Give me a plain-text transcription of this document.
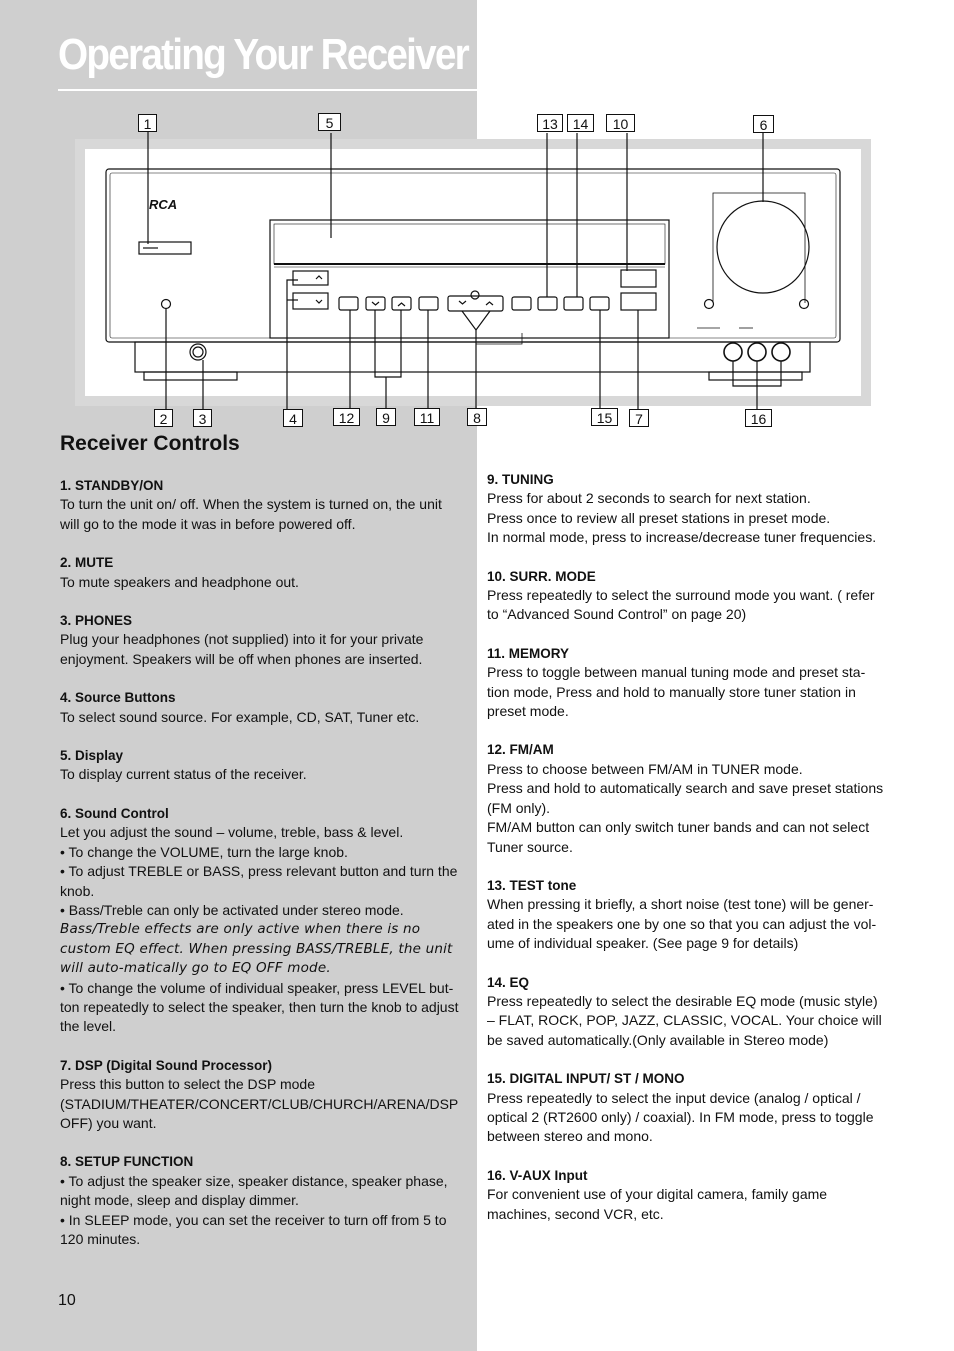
Operating Your Receiver
RCA
1	5	13	14	10	6
2	3	4	12	9	11	8	15	7	16
Receiver Controls
1. STANDBY/ON
To turn the unit on/ off. When the system is turned on, the unit will go to the mode it was in before powered off.
2. MUTE
To mute speakers and headphone out.
3. PHONES
Plug your headphones (not supplied) into it for your private enjoyment. Speakers will be off when phones are inserted.
4. Source Buttons
To select sound source. For example, CD, SAT, Tuner etc.
5. Display
To display current status of the receiver.
6. Sound Control
Let you adjust the sound – volume, treble, bass & level.
• To change the VOLUME, turn the large knob.
• To adjust TREBLE or BASS, press relevant button and turn the knob.
• Bass/Treble can only be activated under stereo mode.
Bass/Treble effects are only active when there is no custom EQ effect. When pressing BASS/TREBLE, the unit will auto-matically go to EQ OFF mode.
• To change the volume of individual speaker, press LEVEL but-ton repeatedly to select the speaker, then turn the knob to adjust the level.
7. DSP (Digital Sound Processor)
Press this button to select the DSP mode (STADIUM/THEATER/CONCERT/CLUB/CHURCH/ARENA/DSP OFF) you want.
8. SETUP FUNCTION
• To adjust the speaker size, speaker distance, speaker phase, night mode, sleep and display dimmer.
• In SLEEP mode, you can set the receiver to turn off from 5 to 120 minutes.
9. TUNING
Press for about 2 seconds to search for next station.
Press once to review all preset stations in preset mode.
In normal mode, press to increase/decrease tuner frequencies.
10. SURR. MODE
Press repeatedly to select the surround mode you want. ( refer to “Advanced Sound Control” on page 20)
11. MEMORY
Press to toggle between manual tuning mode and preset sta-tion mode, Press and hold to manually store tuner station in preset mode.
12. FM/AM
Press to choose between FM/AM in TUNER mode.
Press and hold to automatically search and save preset stations (FM only).
FM/AM button can only switch tuner bands and can not select Tuner source.
13. TEST tone
When pressing it briefly, a short noise (test tone) will be gener-ated in the speakers one by one so that you can adjust the vol-ume of individual speaker. (See page 9 for details)
14. EQ
Press repeatedly to select the desirable EQ mode (music style) – FLAT, ROCK, POP, JAZZ, CLASSIC, VOCAL. Your choice will be saved automatically.(Only available in Stereo mode)
15. DIGITAL INPUT/ ST / MONO
Press repeatedly to select the input device (analog / optical / optical 2 (RT2600 only) / coaxial). In FM mode, press to toggle between stereo and mono.
16. V-AUX Input
For convenient use of your digital camera, family game machines, second VCR, etc.
10
